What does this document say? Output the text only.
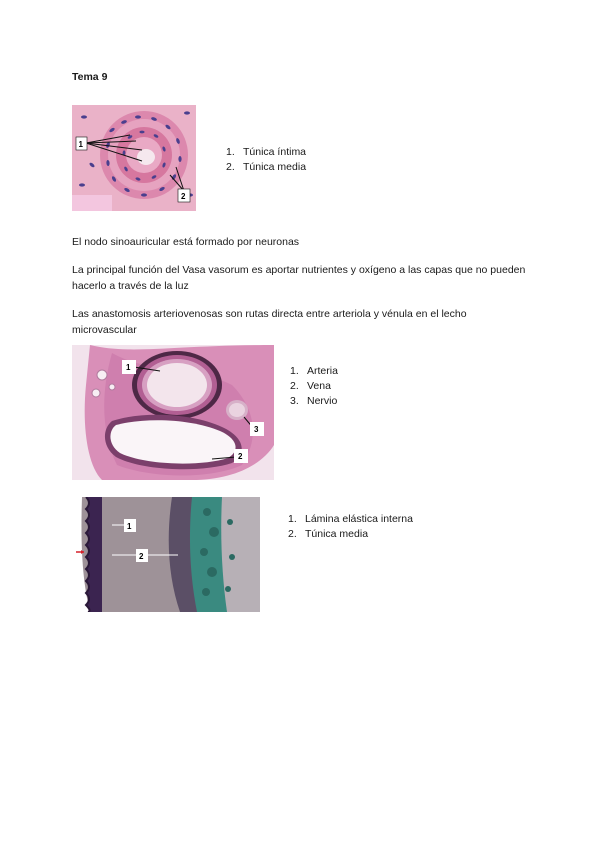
Tema 9
1
2
1. Túnica íntima
2. Túnica media
El nodo sinoauricular está formado por neuronas
La principal función del Vasa vasorum es aportar nutrientes y oxígeno a las capas que no pueden hacerlo a través de la luz
Las anastomosis arteriovenosas son rutas directa entre arteriola y vénula en el lecho microvascular
1
2
3
1. Arteria
2. Vena
3. Nervio
1
2
1. Lámina elástica interna
2. Túnica media
